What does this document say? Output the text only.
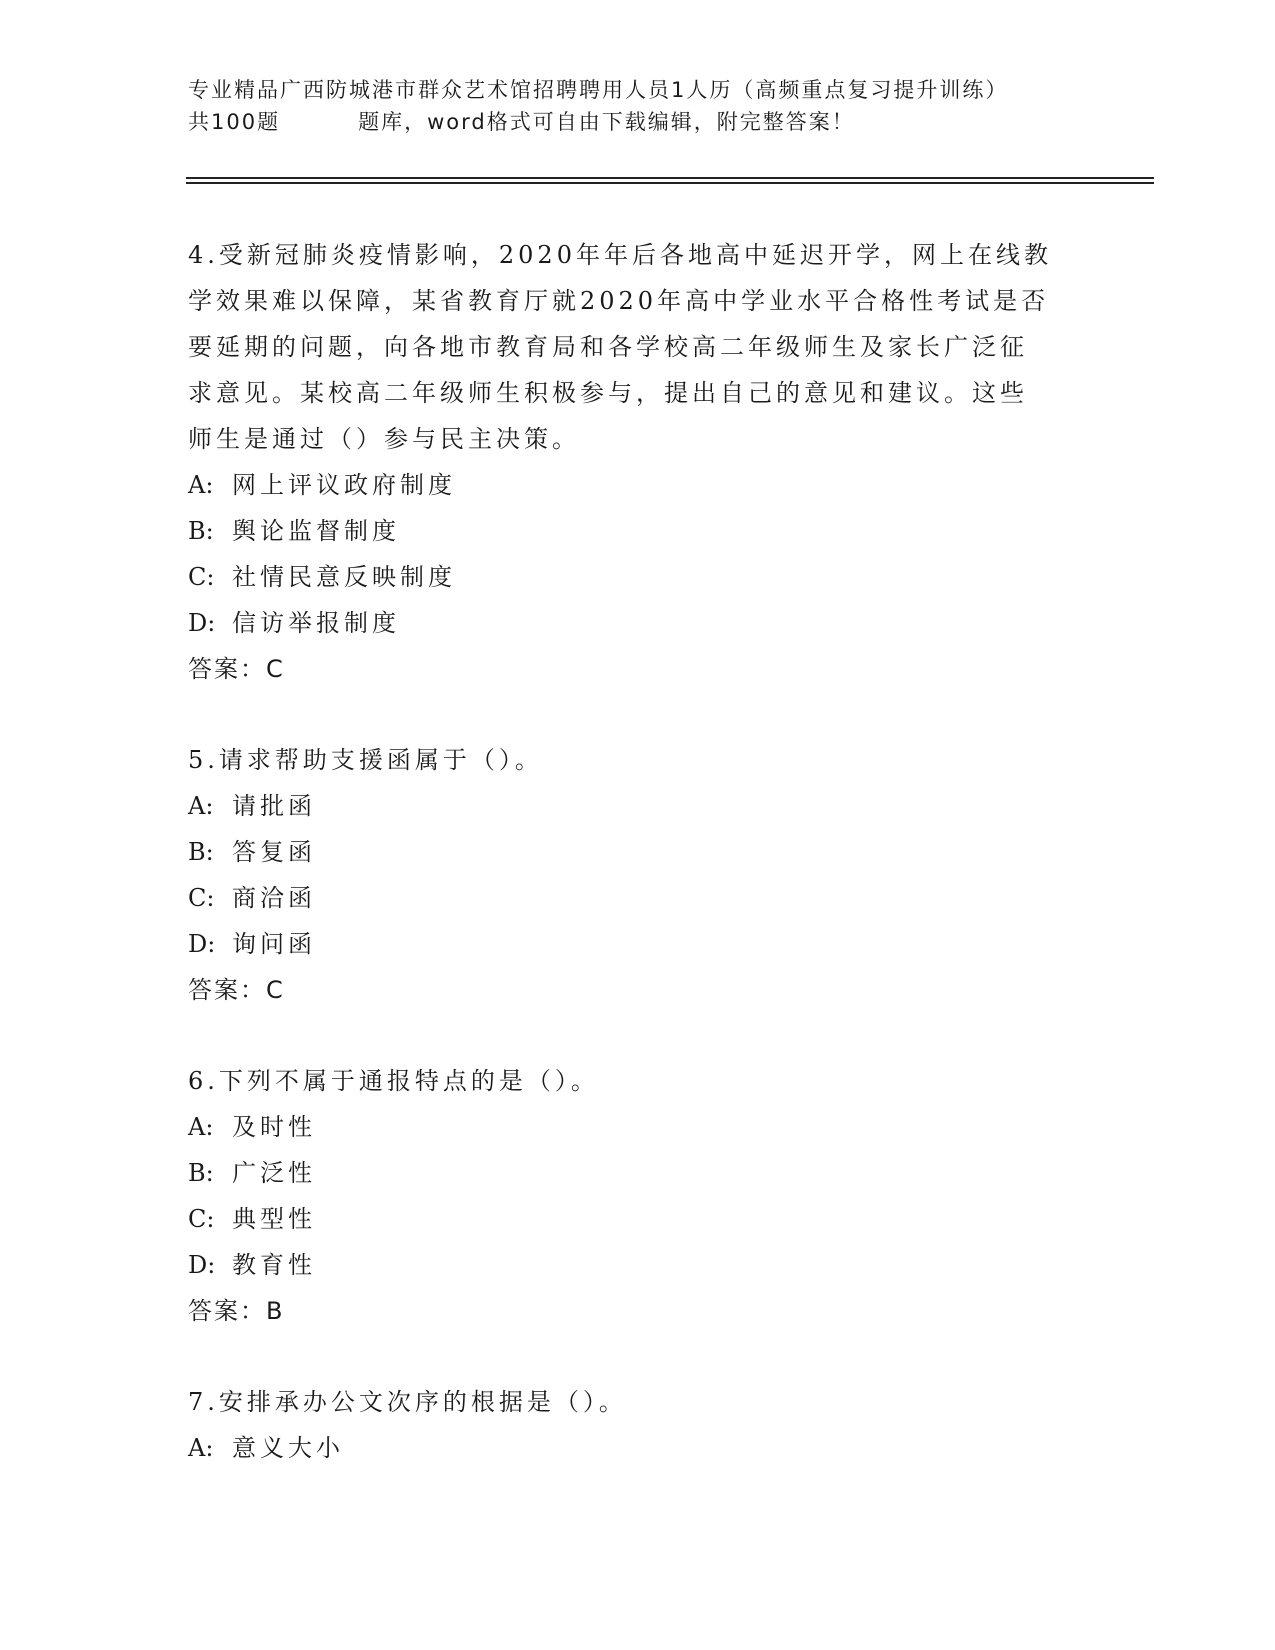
专业精品广西防城港市群众艺术馆招聘聘用人员1人历（高频重点复习提升训练）
共100题	题库，word格式可自由下载编辑，附完整答案！
4.受新冠肺炎疫情影响，2020年年后各地高中延迟开学，网上在线教
学效果难以保障，某省教育厅就2020年高中学业水平合格性考试是否
要延期的问题，向各地市教育局和各学校高二年级师生及家长广泛征
求意见。某校高二年级师生积极参与，提出自己的意见和建议。这些
师生是通过（）参与民主决策。
A: 网上评议政府制度
B: 舆论监督制度
C: 社情民意反映制度
D: 信访举报制度
答案：C
5.请求帮助支援函属于（）。
A: 请批函
B: 答复函
C: 商洽函
D: 询问函
答案：C
6.下列不属于通报特点的是（）。
A: 及时性
B: 广泛性
C: 典型性
D: 教育性
答案：B
7.安排承办公文次序的根据是（）。
A: 意义大小
